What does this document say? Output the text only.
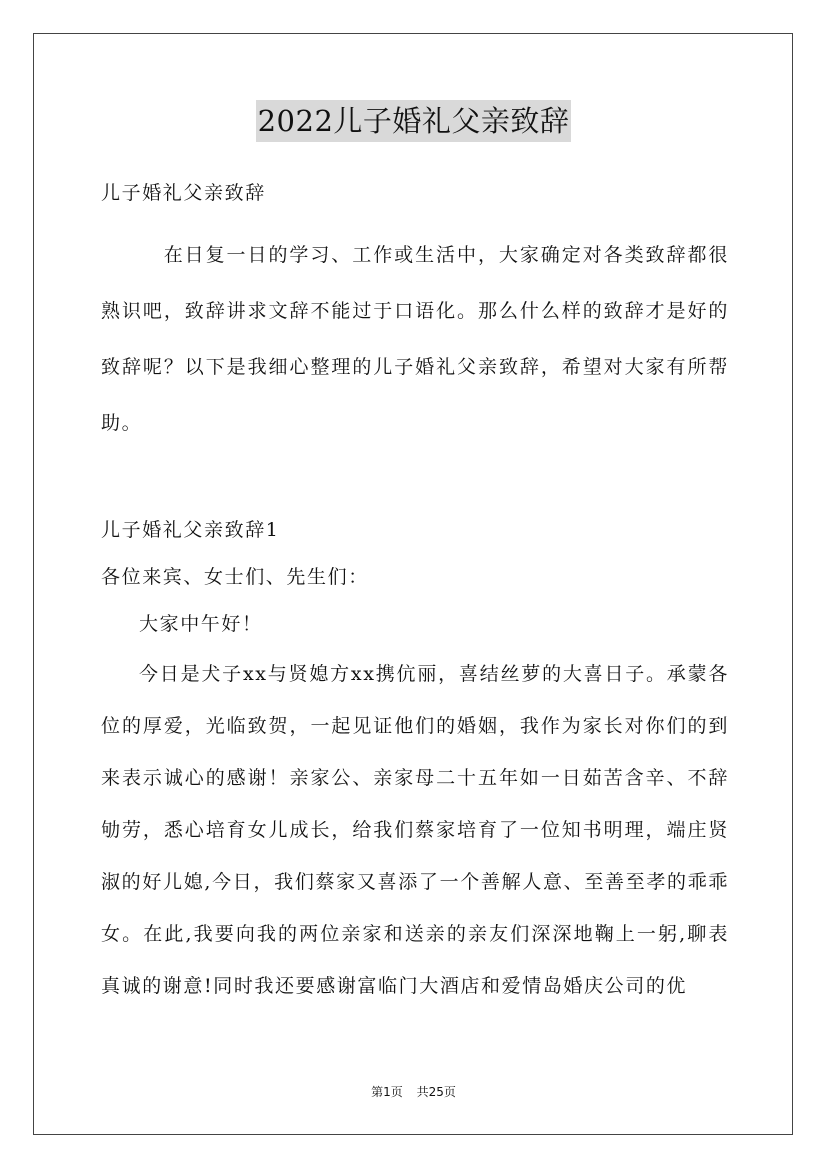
2022儿子婚礼父亲致辞

儿子婚礼父亲致辞

在日复一日的学习、工作或生活中，大家确定对各类致辞都很熟识吧，致辞讲求文辞不能过于口语化。那么什么样的致辞才是好的致辞呢？以下是我细心整理的儿子婚礼父亲致辞，希望对大家有所帮助。

儿子婚礼父亲致辞1

各位来宾、女士们、先生们：

大家中午好！

今日是犬子xx与贤媳方xx携伉丽，喜结丝萝的大喜日子。承蒙各位的厚爱，光临致贺，一起见证他们的婚姻，我作为家长对你们的到来表示诚心的感谢！亲家公、亲家母二十五年如一日茹苦含辛、不辞劬劳，悉心培育女儿成长，给我们蔡家培育了一位知书明理，端庄贤淑的好儿媳,今日，我们蔡家又喜添了一个善解人意、至善至孝的乖乖女。在此,我要向我的两位亲家和送亲的亲友们深深地鞠上一躬,聊表真诚的谢意!同时我还要感谢富临门大酒店和爱情岛婚庆公司的优

第1页 共25页
